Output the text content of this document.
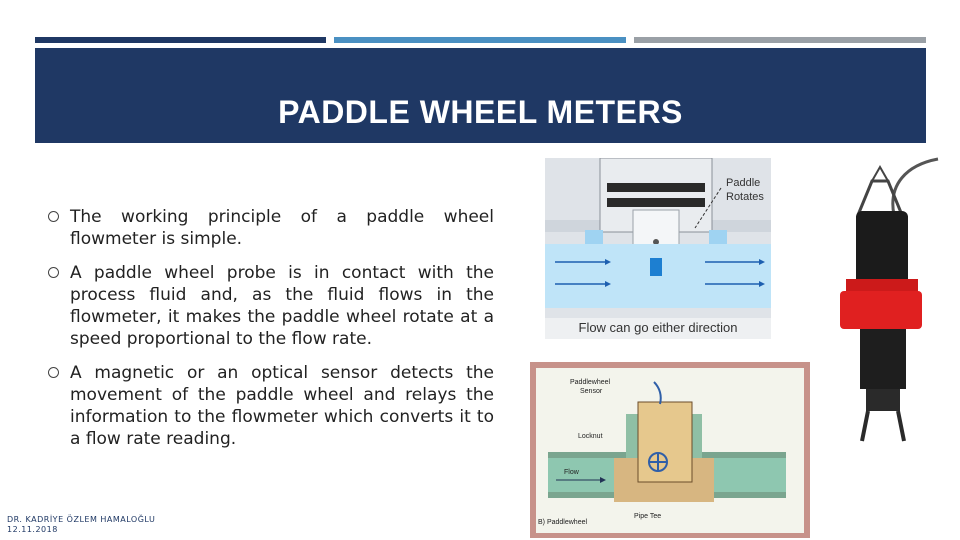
PADDLE WHEEL METERS
The working principle of a paddle wheel flowmeter is simple.
A paddle wheel probe is in contact with the process fluid and, as the fluid flows in the flowmeter, it makes the paddle wheel rotate at a speed proportional to the flow rate.
A magnetic or an optical sensor detects the movement of the paddle wheel and relays the information to the flowmeter which converts it to a flow rate reading.
DR. KADRİYE ÖZLEM HAMALOĞLU
12.11.2018
Paddle
Rotates
Flow can go either direction
Paddlewheel
Sensor
Locknut
Flow
Pipe Tee
B) Paddlewheel
